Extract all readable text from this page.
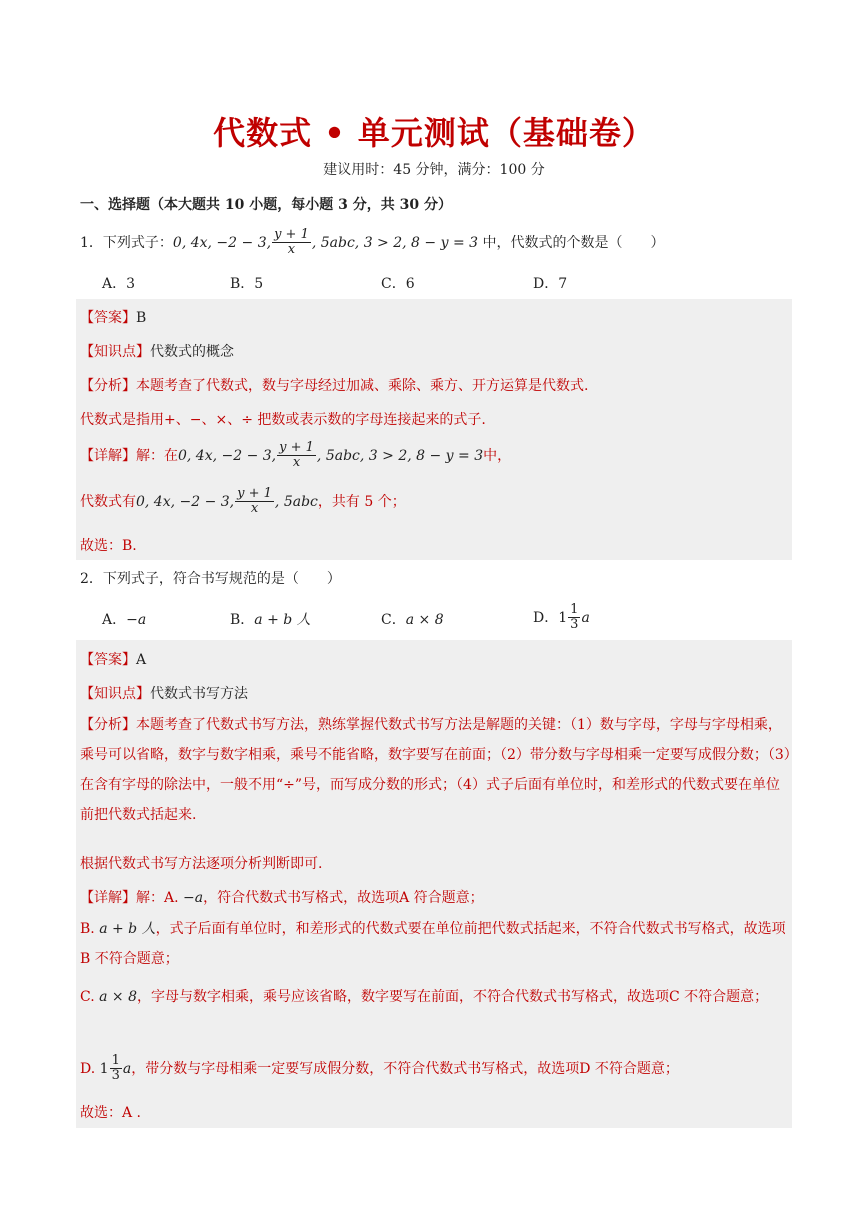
代数式 • 单元测试（基础卷）
建议用时：45 分钟，满分：100 分
一、选择题（本大题共 10 小题，每小题 3 分，共 30 分）
1．下列式子：0, 4x, −2 − 3, $\frac{y + 1}{x}$ , 5abc, 3 > 2, 8 − y = 3 中，代数式的个数是（　　）
A．3	B．5	C．6	D．7
【答案】B
【知识点】代数式的概念
【分析】本题考查了代数式，数与字母经过加减、乘除、乘方、开方运算是代数式.
代数式是指用+、−、×、÷ 把数或表示数的字母连接起来的式子.
【详解】解：在0, 4x, −2 − 3, $\frac{y + 1}{x}$ , 5abc, 3 > 2, 8 − y = 3中，
代数式有0, 4x, −2 − 3, $\frac{y + 1}{x}$ , 5abc，共有 5 个；
故选：B.
2．下列式子，符合书写规范的是（　　）
A．−a	B．a + b 人	C．a × 8	D．$1 \frac{1}{3}$ a
【答案】A
【知识点】代数式书写方法
【分析】本题考查了代数式书写方法，熟练掌握代数式书写方法是解题的关键：（1）数与字母，字母与字母相乘，乘号可以省略，数字与数字相乘，乘号不能省略，数字要写在前面；（2）带分数与字母相乘一定要写成假分数；（3）在含有字母的除法中，一般不用“÷”号，而写成分数的形式；（4）式子后面有单位时，和差形式的代数式要在单位前把代数式括起来.
根据代数式书写方法逐项分析判断即可.
【详解】解：A. −a，符合代数式书写格式，故选项A 符合题意；
B. a + b 人，式子后面有单位时，和差形式的代数式要在单位前把代数式括起来，不符合代数式书写格式，故选项B 不符合题意；
C. a × 8，字母与数字相乘，乘号应该省略，数字要写在前面，不符合代数式书写格式，故选项C 不符合题意；
D. $1 \frac{1}{3}$ a，带分数与字母相乘一定要写成假分数，不符合代数式书写格式，故选项D 不符合题意；
故选：A .
